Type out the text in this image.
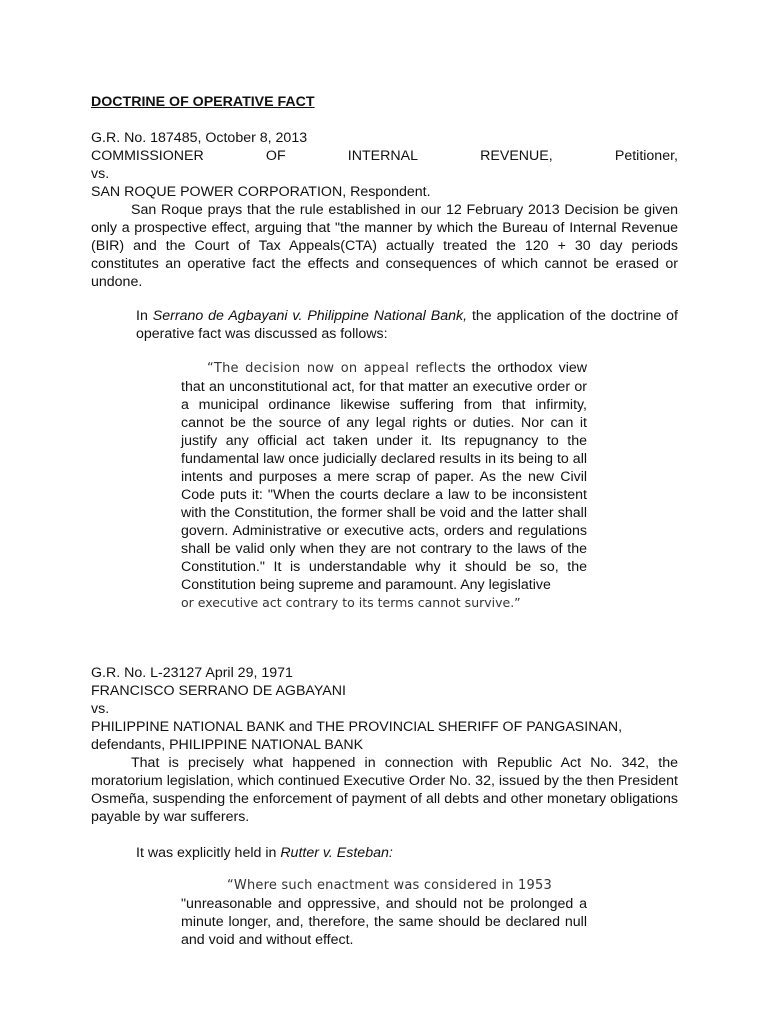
DOCTRINE OF OPERATIVE FACT
G.R. No. 187485, October 8, 2013
COMMISSIONER	OF	INTERNAL	REVENUE,	Petitioner,
vs.
SAN ROQUE POWER CORPORATION, Respondent.
San Roque prays that the rule established in our 12 February 2013 Decision be given only a prospective effect, arguing that "the manner by which the Bureau of Internal Revenue (BIR) and the Court of Tax Appeals(CTA) actually treated the 120 + 30 day periods constitutes an operative fact the effects and consequences of which cannot be erased or undone.
In Serrano de Agbayani v. Philippine National Bank, the application of the doctrine of operative fact was discussed as follows:
“The decision now on appeal reflects the orthodox view that an unconstitutional act, for that matter an executive order or a municipal ordinance likewise suffering from that infirmity, cannot be the source of any legal rights or duties. Nor can it justify any official act taken under it. Its repugnancy to the fundamental law once judicially declared results in its being to all intents and purposes a mere scrap of paper. As the new Civil Code puts it: "When the courts declare a law to be inconsistent with the Constitution, the former shall be void and the latter shall govern. Administrative or executive acts, orders and regulations shall be valid only when they are not contrary to the laws of the Constitution." It is understandable why it should be so, the Constitution being supreme and paramount. Any legislative
or executive act contrary to its terms cannot survive.”
G.R. No. L-23127 April 29, 1971
FRANCISCO SERRANO DE AGBAYANI
vs.
PHILIPPINE NATIONAL BANK and THE PROVINCIAL SHERIFF OF PANGASINAN,
defendants, PHILIPPINE NATIONAL BANK
That is precisely what happened in connection with Republic Act No. 342, the moratorium legislation, which continued Executive Order No. 32, issued by the then President Osmeña, suspending the enforcement of payment of all debts and other monetary obligations payable by war sufferers.
It was explicitly held in Rutter v. Esteban:
“Where such enactment was considered in 1953
"unreasonable and oppressive, and should not be prolonged a minute longer, and, therefore, the same should be declared null and void and without effect.
